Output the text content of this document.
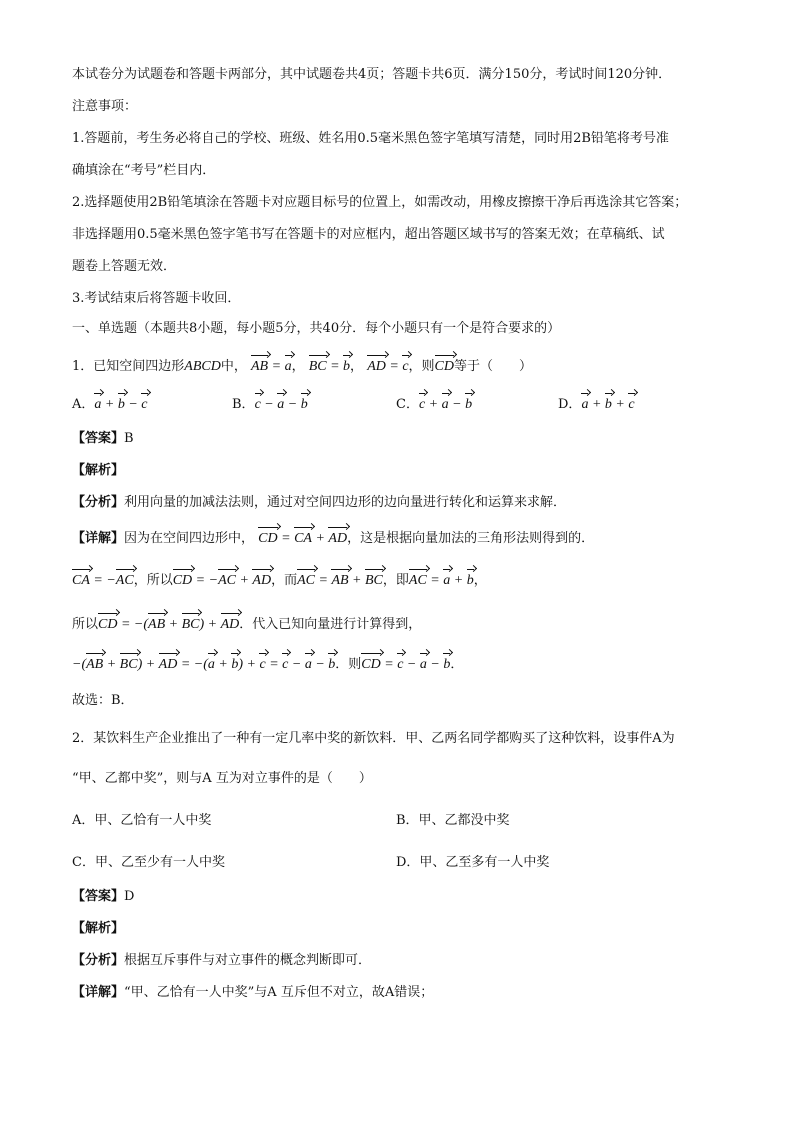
本试卷分为试题卷和答题卡两部分，其中试题卷共4页；答题卡共6页．满分150分，考试时间120分钟．
注意事项：
1.答题前，考生务必将自己的学校、班级、姓名用0.5毫米黑色签字笔填写清楚，同时用2B铅笔将考号准
确填涂在“考号”栏目内．
2.选择题使用2B铅笔填涂在答题卡对应题目标号的位置上，如需改动，用橡皮擦擦干净后再选涂其它答案；
非选择题用0.5毫米黑色签字笔书写在答题卡的对应框内，超出答题区域书写的答案无效；在草稿纸、试
题卷上答题无效．
3.考试结束后将答题卡收回．
一、单选题（本题共8小题，每小题5分，共40分．每个小题只有一个是符合要求的）
1．已知空间四边形ABCD中， AB = a， BC = b， AD = c，则CD等于（　　）
A．a + b − c	B．c − a − b	C．c + a − b	D．a + b + c
【答案】B
【解析】
【分析】利用向量的加减法法则，通过对空间四边形的边向量进行转化和运算来求解．
【详解】因为在空间四边形中， CD = CA + AD，这是根据向量加法的三角形法则得到的．
CA = −AC，所以CD = −AC + AD，而AC = AB + BC，即AC = a + b，
所以CD = −(AB + BC) + AD．代入已知向量进行计算得到，
−(AB + BC) + AD = −(a + b) + c = c − a − b．则CD = c − a − b．
故选：B．
2．某饮料生产企业推出了一种有一定几率中奖的新饮料．甲、乙两名同学都购买了这种饮料，设事件A为
“甲、乙都中奖”，则与A 互为对立事件的是（　　）
A．甲、乙恰有一人中奖	B．甲、乙都没中奖
C．甲、乙至少有一人中奖	D．甲、乙至多有一人中奖
【答案】D
【解析】
【分析】根据互斥事件与对立事件的概念判断即可．
【详解】“甲、乙恰有一人中奖”与A 互斥但不对立，故A错误；
